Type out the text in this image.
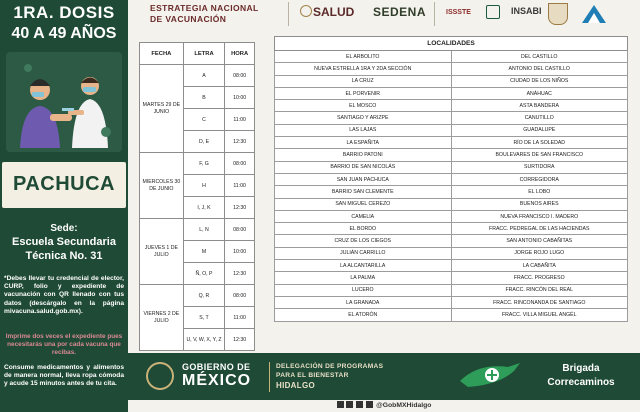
1RA. DOSIS
40 A 49 AÑOS
PACHUCA
Sede:
Escuela Secundaria
Técnica No. 31
*Debes llevar tu credencial de elector, CURP, folio y expediente de vacunación con QR llenado con tus datos (descárgalo en la página mivacuna.salud.gob.mx).
Imprime dos veces el expediente pues necesitarás una por cada vacuna que recibas.
Consume medicamentos y alimentos de manera normal, lleva ropa cómoda y acude 15 minutos antes de tu cita.
ESTRATEGIA NACIONAL
DE VACUNACIÓN	SALUD SEDENA	ISSSTE	INSABI
FECHA	LETRA	HORA
MARTES 29 DE JUNIO	A	08:00
	B	10:00
	C	11:00
	D, E	12:30
MIERCOLES 30 DE JUNIO	F, G	08:00
	H	11:00
	I, J, K	12:30
JUEVES 1 DE JULIO	L, N	08:00
	M	10:00
	Ñ, O, P	12:30
VIERNES 2 DE JULIO	Q, R	08:00
	S, T	11:00
	U, V, W, X, Y, Z	12:30
LOCALIDADES	
EL ARBOLITO	DEL CASTILLO
NUEVA ESTRELLA 1RA Y 2DA SECCIÓN	ANTONIO DEL CASTILLO
LA CRUZ	CIUDAD DE LOS NIÑOS
EL PORVENIR	ANÁHUAC
EL MOSCO	ASTA BANDERA
SANTIAGO Y ARIZPE	CANUTILLO
LAS LAJAS	GUADALUPE
LA ESPAÑITA	RÍO DE LA SOLEDAD
BARRIO PATONI	BOULEVARES DE SAN FRANCISCO
BARRIO DE SAN NICOLÁS	SURTIDORA
SAN JUAN PACHUCA	CORREGIDORA
BARRIO SAN CLEMENTE	EL LOBO
SAN MIGUEL CEREZO	BUENOS AIRES
CAMELIA	NUEVA FRANCISCO I. MADERO
EL BORDO	FRACC. PEDREGAL DE LAS HACIENDAS
CRUZ DE LOS CIEGOS	SAN ANTONIO CABAÑITAS
JULIÁN CARRILLO	JORGE ROJO LUGO
LA ALCANTARILLA	LA CABAÑITA
LA PALMA	FRACC. PROGRESO
LUCERO	FRACC. RINCÓN DEL REAL
LA GRANADA	FRACC. RINCONANDA DE SANTIAGO
EL ATORÓN	FRACC. VILLA MIGUEL ANGÉL
GOBIERNO DE
MÉXICO
DELEGACIÓN DE PROGRAMAS
PARA EL BIENESTAR
HIDALGO
Brigada
Correcaminos
@GobMXHidalgo
